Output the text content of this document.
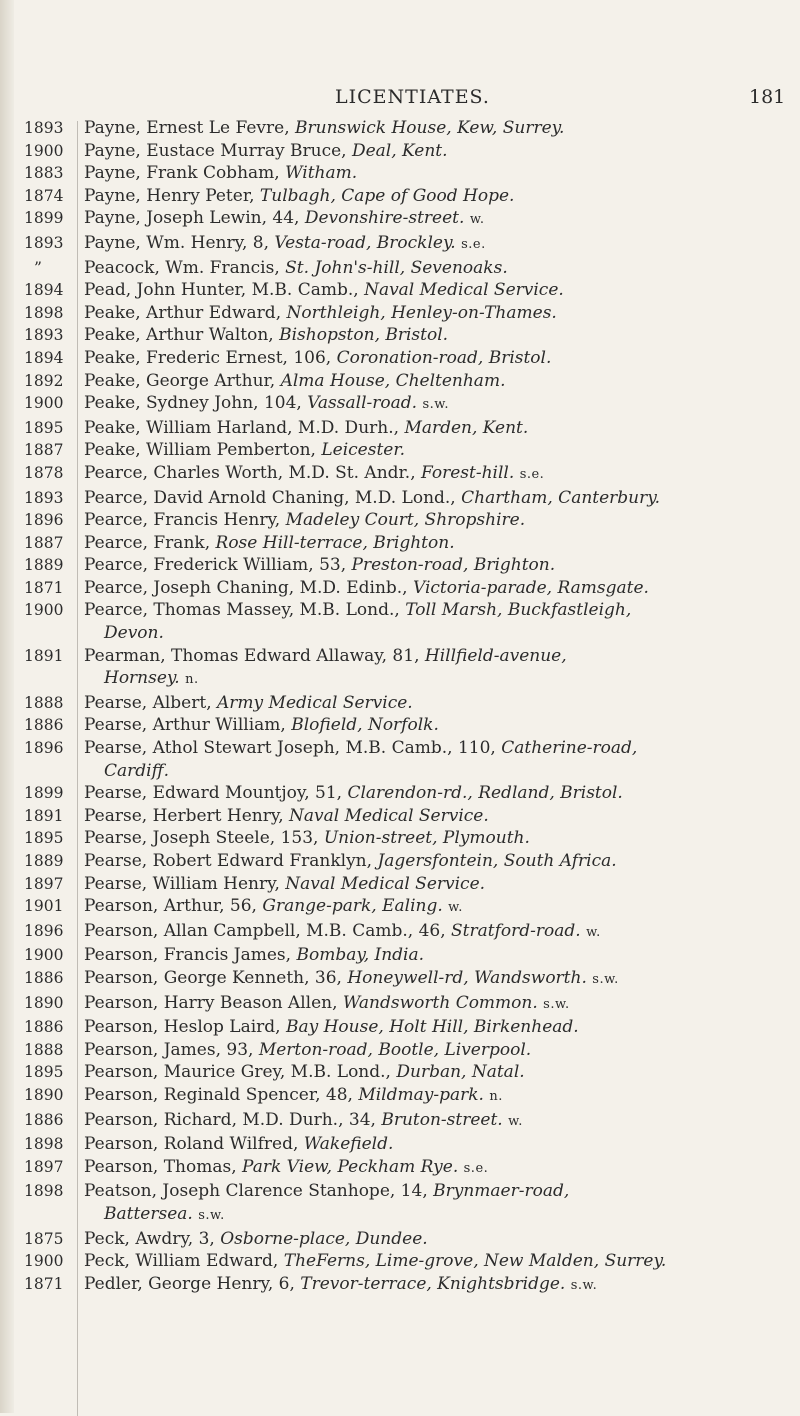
LICENTIATES.	181
1893	Payne, Ernest Le Fevre, Brunswick House, Kew, Surrey.
1900	Payne, Eustace Murray Bruce, Deal, Kent.
1883	Payne, Frank Cobham, Witham.
1874	Payne, Henry Peter, Tulbagh, Cape of Good Hope.
1899	Payne, Joseph Lewin, 44, Devonshire-street. w.
1893	Payne, Wm. Henry, 8, Vesta-road, Brockley. s.e.
”	Peacock, Wm. Francis, St. John's-hill, Sevenoaks.
1894	Pead, John Hunter, M.B. Camb., Naval Medical Service.
1898	Peake, Arthur Edward, Northleigh, Henley-on-Thames.
1893	Peake, Arthur Walton, Bishopston, Bristol.
1894	Peake, Frederic Ernest, 106, Coronation-road, Bristol.
1892	Peake, George Arthur, Alma House, Cheltenham.
1900	Peake, Sydney John, 104, Vassall-road. s.w.
1895	Peake, William Harland, M.D. Durh., Marden, Kent.
1887	Peake, William Pemberton, Leicester.
1878	Pearce, Charles Worth, M.D. St. Andr., Forest-hill. s.e.
1893	Pearce, David Arnold Chaning, M.D. Lond., Chartham, Canterbury.
1896	Pearce, Francis Henry, Madeley Court, Shropshire.
1887	Pearce, Frank, Rose Hill-terrace, Brighton.
1889	Pearce, Frederick William, 53, Preston-road, Brighton.
1871	Pearce, Joseph Chaning, M.D. Edinb., Victoria-parade, Ramsgate.
1900	Pearce, Thomas Massey, M.B. Lond., Toll Marsh, Buckfastleigh,
Devon.
1891	Pearman, Thomas Edward Allaway, 81, Hillfield-avenue,
Hornsey. n.
1888	Pearse, Albert, Army Medical Service.
1886	Pearse, Arthur William, Blofield, Norfolk.
1896	Pearse, Athol Stewart Joseph, M.B. Camb., 110, Catherine-road,
Cardiff.
1899	Pearse, Edward Mountjoy, 51, Clarendon-rd., Redland, Bristol.
1891	Pearse, Herbert Henry, Naval Medical Service.
1895	Pearse, Joseph Steele, 153, Union-street, Plymouth.
1889	Pearse, Robert Edward Franklyn, Jagersfontein, South Africa.
1897	Pearse, William Henry, Naval Medical Service.
1901	Pearson, Arthur, 56, Grange-park, Ealing. w.
1896	Pearson, Allan Campbell, M.B. Camb., 46, Stratford-road. w.
1900	Pearson, Francis James, Bombay, India.
1886	Pearson, George Kenneth, 36, Honeywell-rd, Wandsworth. s.w.
1890	Pearson, Harry Beason Allen, Wandsworth Common. s.w.
1886	Pearson, Heslop Laird, Bay House, Holt Hill, Birkenhead.
1888	Pearson, James, 93, Merton-road, Bootle, Liverpool.
1895	Pearson, Maurice Grey, M.B. Lond., Durban, Natal.
1890	Pearson, Reginald Spencer, 48, Mildmay-park. n.
1886	Pearson, Richard, M.D. Durh., 34, Bruton-street. w.
1898	Pearson, Roland Wilfred, Wakefield.
1897	Pearson, Thomas, Park View, Peckham Rye. s.e.
1898	Peatson, Joseph Clarence Stanhope, 14, Brynmaer-road,
Battersea. s.w.
1875	Peck, Awdry, 3, Osborne-place, Dundee.
1900	Peck, William Edward, TheFerns, Lime-grove, New Malden, Surrey.
1871	Pedler, George Henry, 6, Trevor-terrace, Knightsbridge. s.w.
